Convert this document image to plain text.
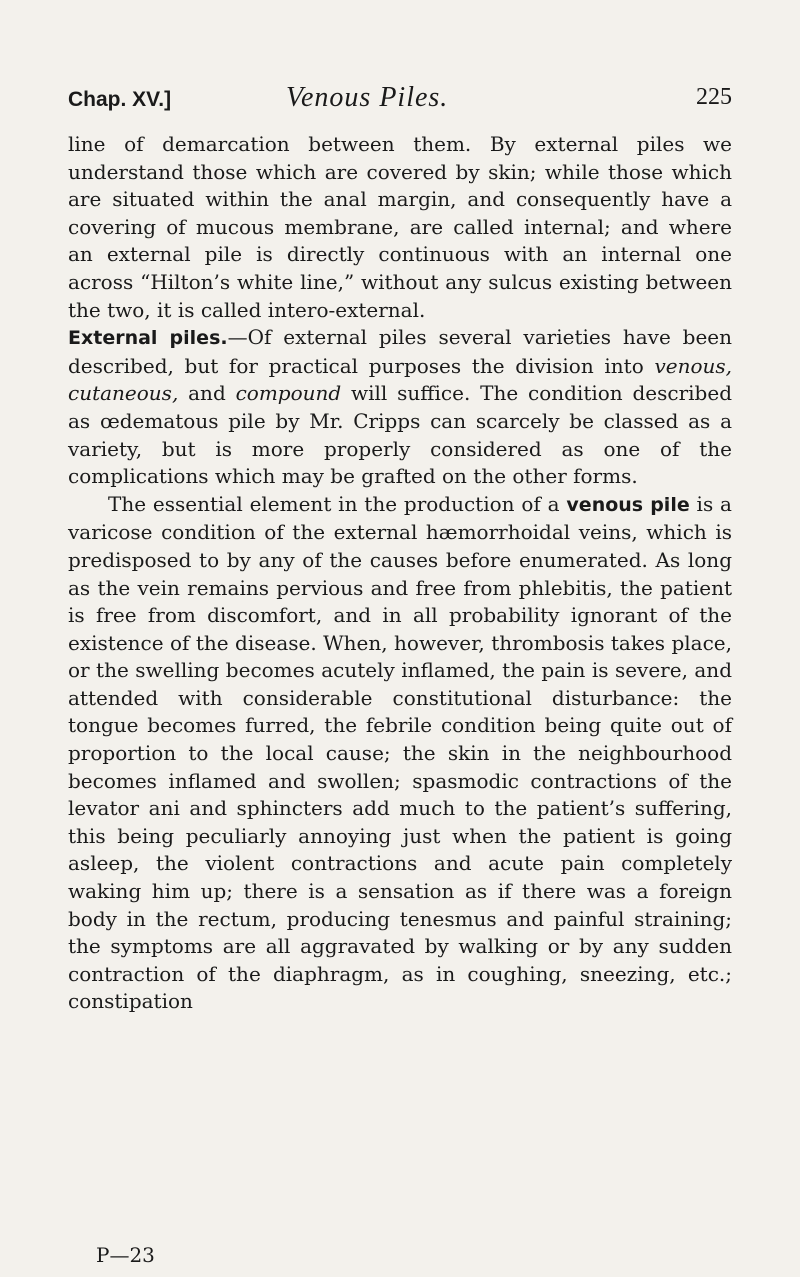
Chap. XV.]	Venous Piles.	225

line of demarcation between them. By external piles we understand those which are covered by skin; while those which are situated within the anal margin, and consequently have a covering of mucous membrane, are called internal; and where an external pile is directly continuous with an internal one across “Hilton’s white line,” without any sulcus existing between the two, it is called intero-external.

External piles.—Of external piles several varieties have been described, but for practical purposes the division into venous, cutaneous, and compound will suffice. The condition described as œdematous pile by Mr. Cripps can scarcely be classed as a variety, but is more properly considered as one of the complications which may be grafted on the other forms.

The essential element in the production of a venous pile is a varicose condition of the external hæmorrhoidal veins, which is predisposed to by any of the causes before enumerated. As long as the vein remains pervious and free from phlebitis, the patient is free from discomfort, and in all probability ignorant of the existence of the disease. When, however, thrombosis takes place, or the swelling becomes acutely inflamed, the pain is severe, and attended with considerable constitutional disturbance: the tongue becomes furred, the febrile condition being quite out of proportion to the local cause; the skin in the neighbourhood becomes inflamed and swollen; spasmodic contractions of the levator ani and sphincters add much to the patient’s suffering, this being peculiarly annoying just when the patient is going asleep, the violent contractions and acute pain completely waking him up; there is a sensation as if there was a foreign body in the rectum, producing tenesmus and painful straining; the symptoms are all aggravated by walking or by any sudden contraction of the diaphragm, as in coughing, sneezing, etc.; constipation

P—23
